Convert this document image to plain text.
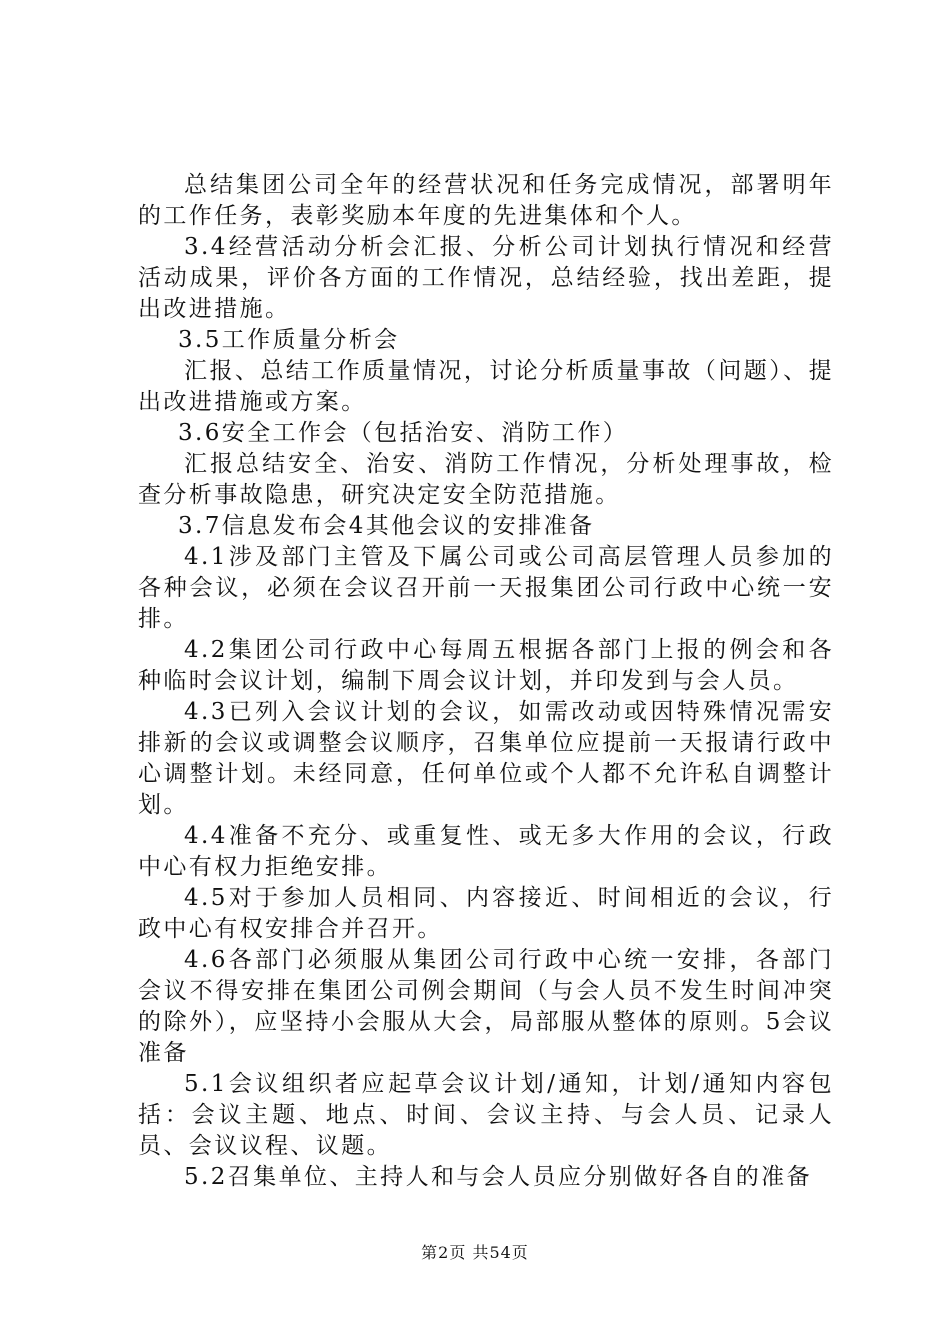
总结集团公司全年的经营状况和任务完成情况，部署明年的工作任务，表彰奖励本年度的先进集体和个人。

3.4经营活动分析会汇报、分析公司计划执行情况和经营活动成果，评价各方面的工作情况，总结经验，找出差距，提出改进措施。

3.5工作质量分析会

汇报、总结工作质量情况，讨论分析质量事故（问题）、提出改进措施或方案。

3.6安全工作会（包括治安、消防工作）

汇报总结安全、治安、消防工作情况，分析处理事故，检查分析事故隐患，研究决定安全防范措施。

3.7信息发布会4其他会议的安排准备

4.1涉及部门主管及下属公司或公司高层管理人员参加的各种会议，必须在会议召开前一天报集团公司行政中心统一安排。

4.2集团公司行政中心每周五根据各部门上报的例会和各种临时会议计划，编制下周会议计划，并印发到与会人员。

4.3已列入会议计划的会议，如需改动或因特殊情况需安排新的会议或调整会议顺序，召集单位应提前一天报请行政中心调整计划。未经同意，任何单位或个人都不允许私自调整计划。

4.4准备不充分、或重复性、或无多大作用的会议，行政中心有权力拒绝安排。

4.5对于参加人员相同、内容接近、时间相近的会议，行政中心有权安排合并召开。

4.6各部门必须服从集团公司行政中心统一安排，各部门会议不得安排在集团公司例会期间（与会人员不发生时间冲突的除外），应坚持小会服从大会，局部服从整体的原则。5会议准备

5.1会议组织者应起草会议计划/通知，计划/通知内容包括：会议主题、地点、时间、会议主持、与会人员、记录人员、会议议程、议题。

5.2召集单位、主持人和与会人员应分别做好各自的准备

第2页 共54页
